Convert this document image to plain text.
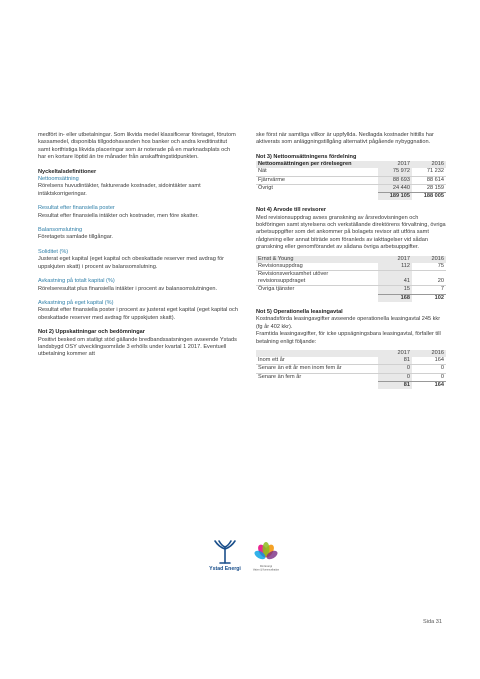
medfört in- eller utbetalningar. Som likvida medel klassificerar företaget, förutom kassamedel, disponibla tillgodohavanden hos banker och andra kreditinstitut samt kortfristiga likvida placeringar som är noterade på en marknadsplats och har en kortare löptid än tre månader från anskaffningstidpunkten.

Nyckeltalsdefinitioner

Nettoomsättning

Rörelsens huvudintäkter, fakturerade kostnader, sidointäkter samt intäktskorrigeringar.

Resultat efter finansiella poster

Resultat efter finansiella intäkter och kostnader, men före skatter.

Balansomslutning

Företagets samlade tillgångar.

Soliditet (%)

Justerat eget kapital (eget kapital och obeskattade reserver med avdrag för uppskjuten skatt) i procent av balansomslutning.

Avkastning på totalt kapital (%)

Rörelseresultat plus finansiella intäkter i procent av balansomslutningen.

Avkastning på eget kapital (%)

Resultat efter finansiella poster i procent av justerat eget kapital (eget kapital och obeskattade reserver med avdrag för uppskjuten skatt).

Not 2) Uppskattningar och bedömningar

Positivt besked om statligt stöd gällande bredbandssatsningen avseende Ystads landsbygd OSY utvecklingsområde 3 erhölls under kvartal 1 2017. Eventuell utbetalning kommer att

ske först när samtliga villkor är uppfyllda. Nedlagda kostnader hittills har aktiverats som anläggningstillgång alternativt pågående nybyggnation.

Not 3) Nettoomsättningens fördelning

Nettoomsättningen per rörelsegren	2017	2016
Nät	75 972	71 232
Fjärrvärme	88 693	88 614
Övrigt	24 440	28 159
	189 105	188 005

Not 4) Arvode till revisorer

Med revisionsuppdrag avses granskning av årsredovisningen och bokföringen samt styrelsens och verkställande direktörens förvaltning, övriga arbetsuppgifter som det ankommer på bolagets revisor att utföra samt rådgivning eller annat biträde som föranleds av iakttagelser vid sådan granskning eller genomförandet av sådana övriga arbetsuppgifter.

Ernst & Young	2017	2016
Revisionsuppdrag	112	75
Revisionsverksamhet utöver		
revisionsuppdraget	41	20
Övriga tjänster	15	7
	168	102

Not 5) Operationella leasingavtal

Kostnadsförda leasingavgifter avseende operationella leasingavtal 245 kkr (fg år 402 kkr).

Framtida leasingavgifter, för icke uppsägningsbara leasingavtal, förfaller till betalning enligt följande:

	2017	2016
Inom ett år	81	164
Senare än ett år men inom fem år	0	0
Senare än fem år	0	0
	81	164
Ystad Energi	Din Energi
Vatten & Kommunikation
Sida 31
